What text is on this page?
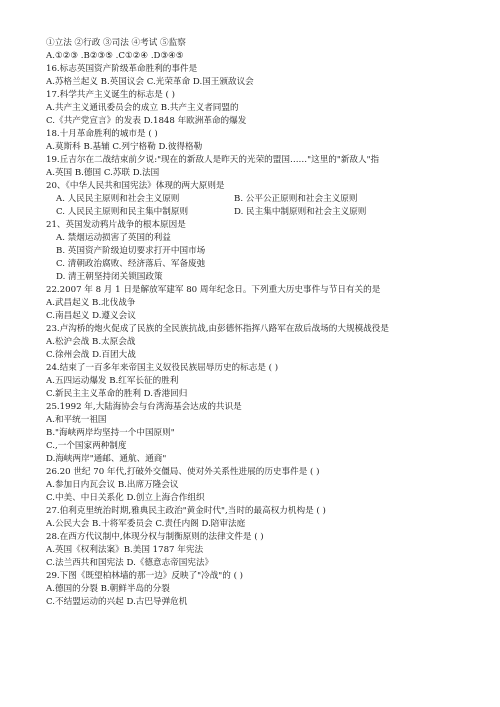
①立法 ②行政 ③司法 ④考试 ⑤监察
A.①②③ .B②③⑤ .C①②④ .D③④⑤
16.标志英国资产阶级革命胜利的事件是
A.苏格兰起义 B.英国议会 C.光荣革命 D.国王颁敌议会
17.科学共产主义诞生的标志是 ( )
A.共产主义通讯委员会的成立 B.共产主义者同盟的
C.《共产党宣言》的发表 D.1848 年欧洲革命的爆发
18.十月革命胜利的城市是 ( )
A.莫斯科 B.基辅 C.列宁格勒 D.彼得格勒
19.丘吉尔在二战结束前夕说:"现在的新敌人是昨天的光荣的盟国……"这里的"新敌人"指
A.英国 B.德国 C.苏联 D.法国
20、《中华人民共和国宪法》体现的两大原则是
A. 人民民主原则和社会主义原则	B. 公平公正原则和社会主义原则
C. 人民民主原则和民主集中制原则	D. 民主集中制原则和社会主义原则
21、英国发动鸦片战争的根本原因是
A. 禁烟运动损害了英国的利益
B. 英国资产阶级迫切要求打开中国市场
C. 清朝政治腐败、经济落后、军备废弛
D. 清王朝坚持闭关锁国政策
22.2007 年 8 月 1 日是解放军建军 80 周年纪念日。下列重大历史事件与节日有关的是
A.武昌起义 B.北伐战争
C.南昌起义 D.遵义会议
23.卢沟桥的炮火促成了民族的全民族抗战,由彭德怀指挥八路军在敌后战场的大规模战役是
A.松沪会战 B.太原会战
C.徐州会战 D.百团大战
24.结束了一百多年来帝国主义奴役民族屈辱历史的标志是 ( )
A.五四运动爆发 B.红军长征的胜利
C.新民主主义革命的胜利 D.香港回归
25.1992 年,大陆海协会与台湾海基会达成的共识是
A.和平统一祖国
B."海峡两岸均坚持一个中国原则"
C.,一个国家两种制度
D.海峡两岸"通邮、通航、通商"
26.20 世纪 70 年代,打破外交僵局、使对外关系性进展的历史事件是 ( )
A.参加日内瓦会议 B.出席万隆会议
C.中美、中日关系化 D.创立上海合作组织
27.伯利克里统治时期,雅典民主政治"黄金时代",当时的最高权力机构是 ( )
A.公民大会 B.十将军委员会 C.责任内阁 D.陪审法庭
28.在西方代议制中,体现分权与制衡原则的法律文件是 ( )
A.英国《权利法案》B.美国 1787 年宪法
C.法兰西共和国宪法 D.《德意志帝国宪法》
29.下图《既望柏林墙的那一边》反映了"冷战"的 ( )
A.德国的分裂 B.朝鲜半岛的分裂
C.不结盟运动的兴起 D.古巴导弹危机
